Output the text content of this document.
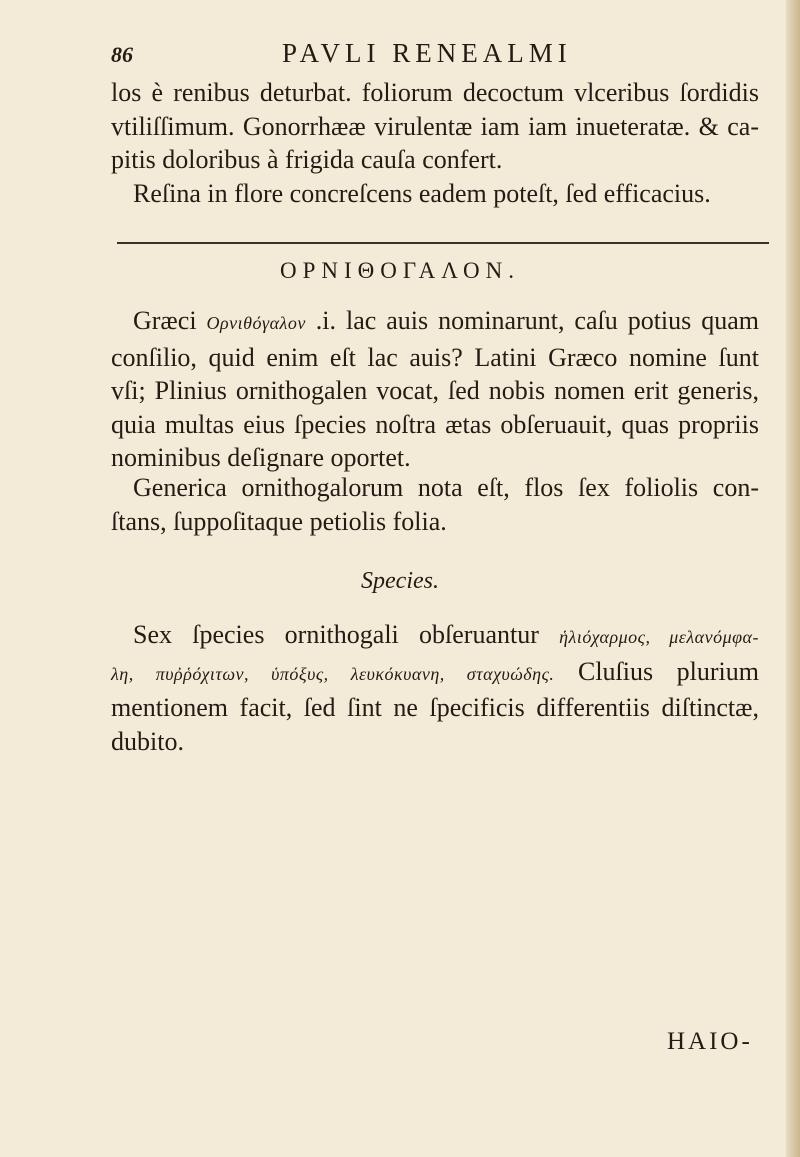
86	PAVLI RENEALMI

los è renibus deturbat. foliorum decoctum vlceribus ſordidis
vtiliſſimum. Gonorrhææ virulentæ iam iam inueteratæ. & ca-
pitis doloribus à frigida cauſa confert.
Reſina in flore concreſcens eadem poteſt, ſed efficacius.

ΟΡΝΙΘΟΓΑΛΟΝ.

Græci Ορνιθόγαλον .i. lac auis nominarunt, caſu potius quam
conſilio, quid enim eſt lac auis? Latini Græco nomine ſunt
vſi; Plinius ornithogalen vocat, ſed nobis nomen erit generis,
quia multas eius ſpecies noſtra ætas obſeruauit, quas propriis
nominibus deſignare oportet.

Generica ornithogalorum nota eſt, flos ſex foliolis con-
ſtans, ſuppoſitaque petiolis folia.

Species.

Sex ſpecies ornithogali obſeruantur ἡλιόχαρμος, μελανόμφα-
λη, πυῤῥόχιτων, ὑπόξυς, λευκόκυανη, σταχυώδης. Cluſius plurium
mentionem facit, ſed ſint ne ſpecificis differentiis diſtinctæ,
dubito.

HAIO-
